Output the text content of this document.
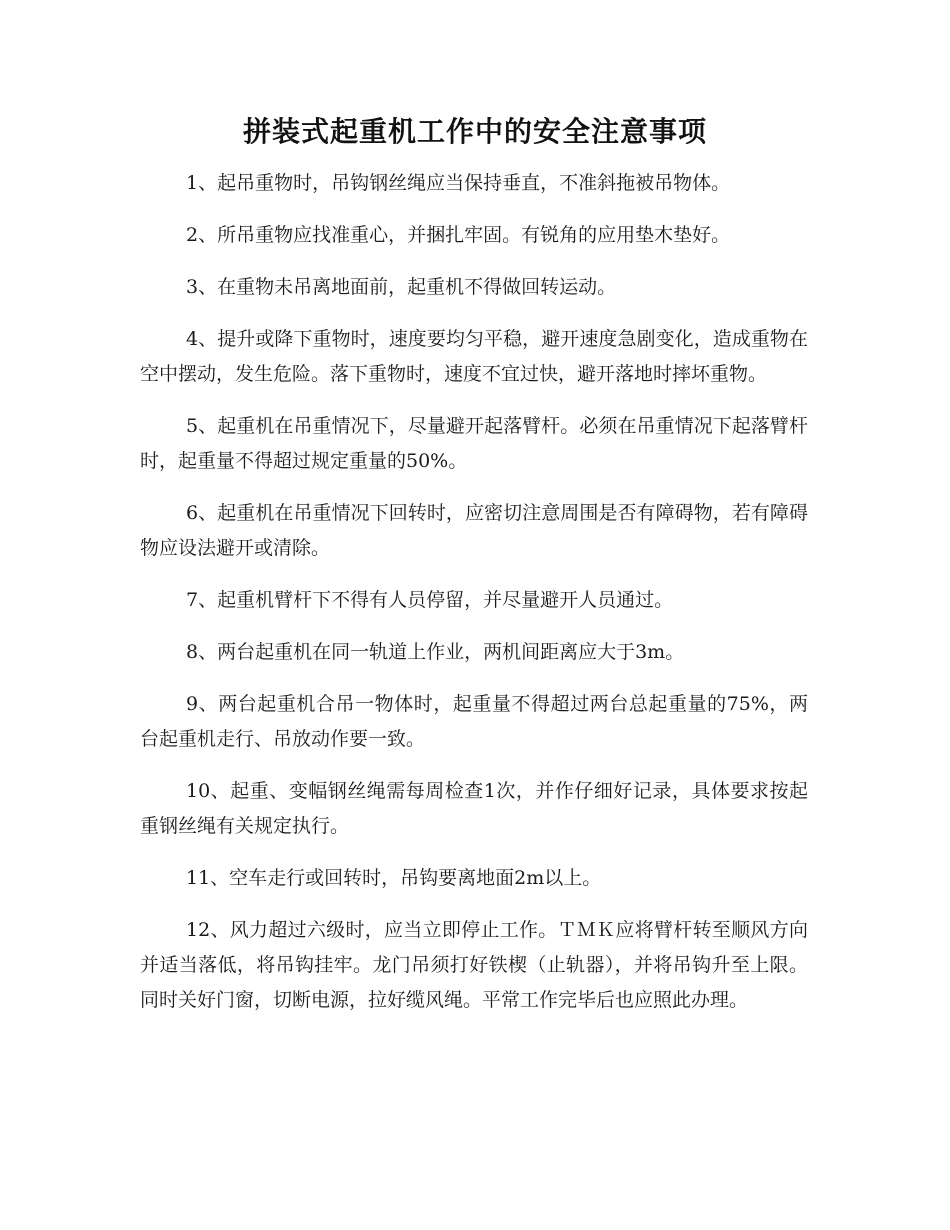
拼装式起重机工作中的安全注意事项

1、起吊重物时，吊钩钢丝绳应当保持垂直，不准斜拖被吊物体。

2、所吊重物应找准重心，并捆扎牢固。有锐角的应用垫木垫好。

3、在重物未吊离地面前，起重机不得做回转运动。

4、提升或降下重物时，速度要均匀平稳，避开速度急剧变化，造成重物在空中摆动，发生危险。落下重物时，速度不宜过快，避开落地时摔坏重物。

5、起重机在吊重情况下，尽量避开起落臂杆。必须在吊重情况下起落臂杆时，起重量不得超过规定重量的50%。

6、起重机在吊重情况下回转时，应密切注意周围是否有障碍物，若有障碍物应设法避开或清除。

7、起重机臂杆下不得有人员停留，并尽量避开人员通过。

8、两台起重机在同一轨道上作业，两机间距离应大于3m。

9、两台起重机合吊一物体时，起重量不得超过两台总起重量的75%，两台起重机走行、吊放动作要一致。

10、起重、变幅钢丝绳需每周检查1次，并作仔细好记录，具体要求按起重钢丝绳有关规定执行。

11、空车走行或回转时，吊钩要离地面2m以上。

12、风力超过六级时，应当立即停止工作。ＴＭＫ应将臂杆转至顺风方向并适当落低，将吊钩挂牢。龙门吊须打好铁楔（止轨器），并将吊钩升至上限。同时关好门窗，切断电源，拉好缆风绳。平常工作完毕后也应照此办理。
